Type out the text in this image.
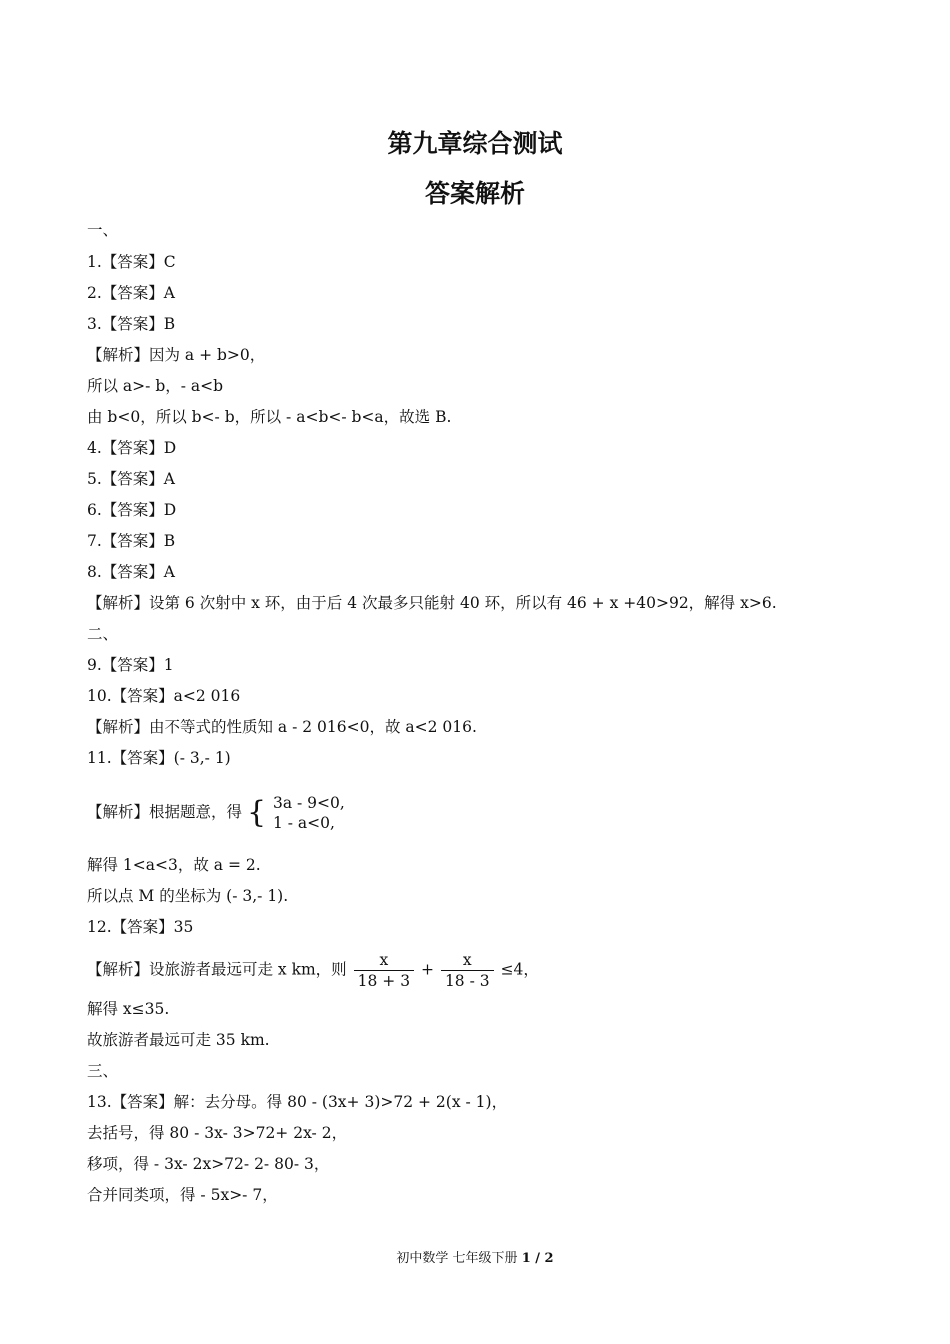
第九章综合测试
答案解析
一、
1.【答案】C
2.【答案】A
3.【答案】B
【解析】因为 a + b>0，
所以 a>- b，- a<b
由 b<0，所以 b<- b，所以 - a<b<- b<a，故选 B.
4.【答案】D
5.【答案】A
6.【答案】D
7.【答案】B
8.【答案】A
【解析】设第 6 次射中 x 环，由于后 4 次最多只能射 40 环，所以有 46 + x +40>92，解得 x>6.
二、
9.【答案】1
10.【答案】a<2 016
【解析】由不等式的性质知 a - 2 016<0，故 a<2 016.
11.【答案】(- 3,- 1)
解得 1<a<3，故 a = 2.
所以点 M 的坐标为 (- 3,- 1).
12.【答案】35
解得 x≤35.
故旅游者最远可走 35 km.
三、
13.【答案】解：去分母。得 80 - (3x+ 3)>72 + 2(x - 1)，
去括号，得 80 - 3x- 3>72+ 2x- 2，
移项，得 - 3x- 2x>72- 2- 80- 3，
合并同类项，得 - 5x>- 7，
【解析】根据题意，得 { 3a - 9<0,
1 - a<0,
【解析】设旅游者最远可走 x km，则 $\frac{x}{18 + 3} + \frac{x}{18 - 3} \le 4$，
初中数学 七年级下册 1 / 2
